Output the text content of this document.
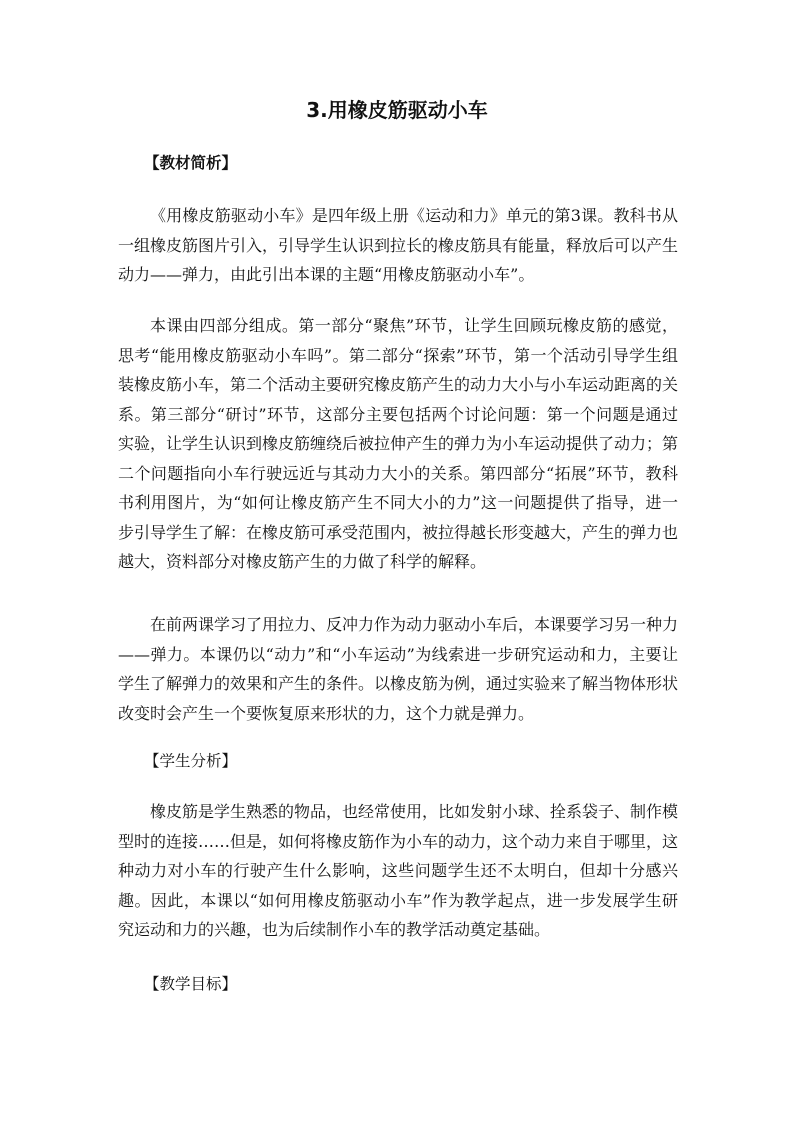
3.用橡皮筋驱动小车
【教材简析】

《用橡皮筋驱动小车》是四年级上册《运动和力》单元的第3课。教科书从一组橡皮筋图片引入，引导学生认识到拉长的橡皮筋具有能量，释放后可以产生动力——弹力，由此引出本课的主题“用橡皮筋驱动小车”。

本课由四部分组成。第一部分“聚焦”环节，让学生回顾玩橡皮筋的感觉，思考“能用橡皮筋驱动小车吗”。第二部分“探索”环节，第一个活动引导学生组装橡皮筋小车，第二个活动主要研究橡皮筋产生的动力大小与小车运动距离的关系。第三部分“研讨”环节，这部分主要包括两个讨论问题：第一个问题是通过实验，让学生认识到橡皮筋缠绕后被拉伸产生的弹力为小车运动提供了动力；第二个问题指向小车行驶远近与其动力大小的关系。第四部分“拓展”环节，教科书利用图片，为“如何让橡皮筋产生不同大小的力”这一问题提供了指导，进一步引导学生了解：在橡皮筋可承受范围内，被拉得越长形变越大，产生的弹力也越大，资料部分对橡皮筋产生的力做了科学的解释。

在前两课学习了用拉力、反冲力作为动力驱动小车后，本课要学习另一种力——弹力。本课仍以“动力”和“小车运动”为线索进一步研究运动和力，主要让学生了解弹力的效果和产生的条件。以橡皮筋为例，通过实验来了解当物体形状改变时会产生一个要恢复原来形状的力，这个力就是弹力。

【学生分析】

橡皮筋是学生熟悉的物品，也经常使用，比如发射小球、拴系袋子、制作模型时的连接……但是，如何将橡皮筋作为小车的动力，这个动力来自于哪里，这种动力对小车的行驶产生什么影响，这些问题学生还不太明白，但却十分感兴趣。因此，本课以“如何用橡皮筋驱动小车”作为教学起点，进一步发展学生研究运动和力的兴趣，也为后续制作小车的教学活动奠定基础。

【教学目标】
